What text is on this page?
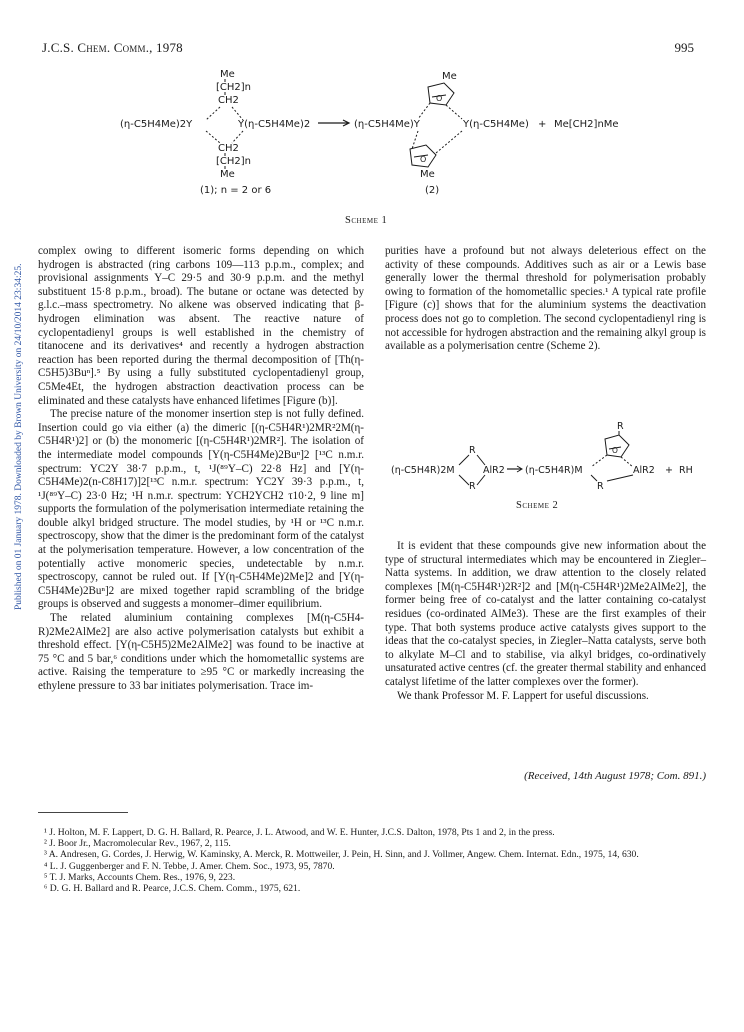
J.C.S. Chem. Comm., 1978	995
Published on 01 January 1978. Downloaded by Brown University on 24/10/2014 23:34:25.
Me
[CH2]n
CH2
(η-C5H4Me)2Y	Y(η-C5H4Me)2
CH2
[CH2]n
Me
(1); n = 2 or 6
(η-C5H4Me)Y
Me
Y(η-C5H4Me)
Me
(2)
+ Me[CH2]nMe
O
O
Scheme 1

complex owing to different isomeric forms depending on which hydrogen is abstracted (ring carbons 109—113 p.p.m., complex; and provisional assignments Y–C 29·5 and 30·9 p.p.m. and the methyl substituent 15·8 p.p.m., broad). The butane or octane was detected by g.l.c.–mass spectrometry. No alkene was observed indicating that β-hydrogen elimination was absent. The reactive nature of cyclopentadienyl groups is well established in the chemistry of titanocene and its derivatives⁴ and recently a hydrogen abstraction reaction has been reported during the thermal decomposition of [Th(η-C5H5)3Buⁿ].⁵ By using a fully substituted cyclopentadienyl group, C5Me4Et, the hydrogen abstraction deactivation process can be eliminated and these catalysts have enhanced lifetimes [Figure (b)].

The precise nature of the monomer insertion step is not fully defined. Insertion could go via either (a) the dimeric [(η-C5H4R¹)2MR²2M(η-C5H4R¹)2] or (b) the monomeric [(η-C5H4R¹)2MR²]. The isolation of the intermediate model compounds [Y(η-C5H4Me)2Buⁿ]2 [¹³C n.m.r. spectrum: YC2Y 38·7 p.p.m., t, ¹J(⁸⁹Y–C) 22·8 Hz] and [Y(η-C5H4Me)2(n-C8H17)]2[¹³C n.m.r. spectrum: YC2Y 39·3 p.p.m., t, ¹J(⁸⁹Y–C) 23·0 Hz; ¹H n.m.r. spectrum: YCH2YCH2 τ10·2, 9 line m] supports the formulation of the polymerisation intermediate retaining the double alkyl bridged structure. The model studies, by ¹H or ¹³C n.m.r. spectroscopy, show that the dimer is the predominant form of the catalyst at the polymerisation temperature. However, a low concentration of the potentially active monomeric species, undetectable by n.m.r. spectroscopy, cannot be ruled out. If [Y(η-C5H4Me)2Me]2 and [Y(η-C5H4Me)2Buⁿ]2 are mixed together rapid scrambling of the bridge groups is observed and suggests a monomer–dimer equilibrium.

The related aluminium containing complexes [M(η-C5H4-R)2Me2AlMe2] are also active polymerisation catalysts but exhibit a threshold effect. [Y(η-C5H5)2Me2AlMe2] was found to be inactive at 75 °C and 5 bar,⁶ conditions under which the homometallic systems are active. Raising the temperature to ≥95 °C or markedly increasing the ethylene pressure to 33 bar initiates polymerisation. Trace im-

purities have a profound but not always deleterious effect on the activity of these compounds. Additives such as air or a Lewis base generally lower the thermal threshold for polymerisation probably owing to formation of the homometallic species.¹ A typical rate profile [Figure (c)] shows that for the aluminium systems the deactivation process does not go to completion. The second cyclopentadienyl ring is not accessible for hydrogen abstraction and the remaining alkyl group is available as a polymerisation centre (Scheme 2).

(η-C5H4R)2M
R
R
AlR2 (η-C5H4R)M
R
R
AlR2 + RH
O
Scheme 2

It is evident that these compounds give new information about the type of structural intermediates which may be encountered in Ziegler–Natta systems. In addition, we draw attention to the closely related complexes [M(η-C5H4R¹)2R²]2 and [M(η-C5H4R¹)2Me2AlMe2], the former being free of co-catalyst and the latter containing co-catalyst residues (co-ordinated AlMe3). These are the first examples of their type. That both systems produce active catalysts gives support to the ideas that the co-catalyst species, in Ziegler–Natta catalysts, serve both to alkylate M–Cl and to stabilise, via alkyl bridges, co-ordinatively unsaturated active centres (cf. the greater thermal stability and enhanced catalyst lifetime of the latter complexes over the former).

We thank Professor M. F. Lappert for useful discussions.

(Received, 14th August 1978; Com. 891.)
¹ J. Holton, M. F. Lappert, D. G. H. Ballard, R. Pearce, J. L. Atwood, and W. E. Hunter, J.C.S. Dalton, 1978, Pts 1 and 2, in the press.
² J. Boor Jr., Macromolecular Rev., 1967, 2, 115.
³ A. Andresen, G. Cordes, J. Herwig, W. Kaminsky, A. Merck, R. Mottweiler, J. Pein, H. Sinn, and J. Vollmer, Angew. Chem. Internat. Edn., 1975, 14, 630.
⁴ L. J. Guggenberger and F. N. Tebbe, J. Amer. Chem. Soc., 1973, 95, 7870.
⁵ T. J. Marks, Accounts Chem. Res., 1976, 9, 223.
⁶ D. G. H. Ballard and R. Pearce, J.C.S. Chem. Comm., 1975, 621.
